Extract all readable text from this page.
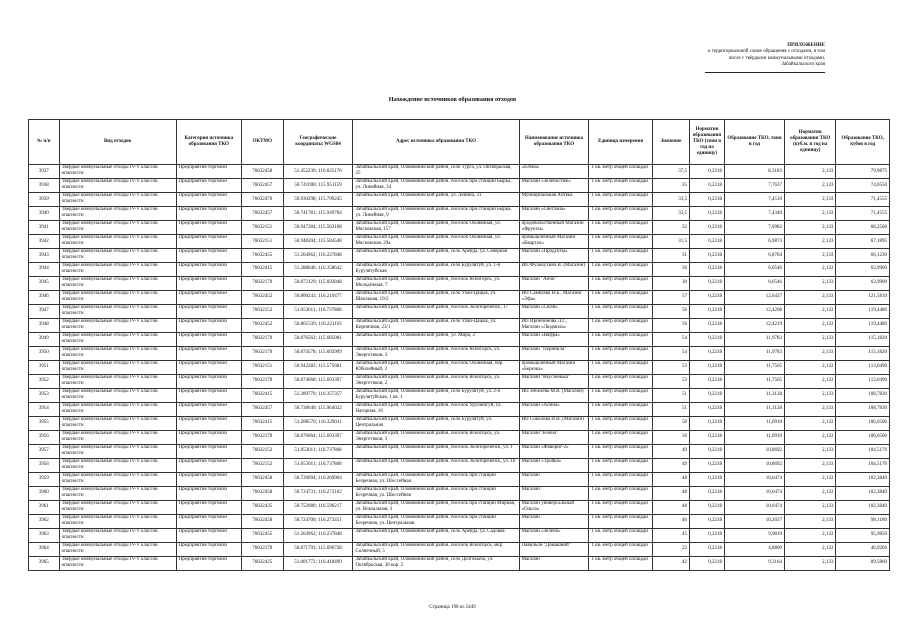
ПРИЛОЖЕНИЕ
к территориальной схеме обращения с отходами, в том
числе с твёрдыми коммунальными отходами,
Забайкальского края
Нахождение источников образования отходов
№ п/п	Вид отходов	Категория источника образования ТКО	ОКТМО	Географические координаты WGS84	Адрес источника образования ТКО	Наименование источника образования ТКО	Единица измерения	Значение	Норматив образования ТКО (тонн в год на единицу)	Образование ТКО, тонн в год	Норматив образования ТКО (куб.м. в год на единицу)	Образование ТКО, кубов в год
3937	Твёрдые коммунальные отходы IV-V классов опасности	Предприятия торговли	76632458	51.452230; 116.625176	Забайкальский край, Оловяннинский район, село Турга, ул. Октябрьская, 25	«Елена»	1 кв. метр общей площади	37,5	0,2218	8,3183	2,133	79,9875
3938	Твёрдые коммунальные отходы IV-V классов опасности	Предприятия торговли	76632457	50.741698; 115.951159	Забайкальский край, Оловяннинский район, поселок при станции Бырка, ул. Линейная, 24	Магазин «Зеленостяж»	1 кв. метр общей площади	35	0,2218	7,7637	2,133	74,6550
3939	Твёрдые коммунальные отходы IV-V классов опасности	Предприятия торговли	76632470	50.930298; 115.799245	Забайкальский край, Оловяннинский район, ул. Ленина, 31	Муниципальная Аптека	1 кв. метр общей площади	33,5	0,2218	7,4510	2,133	71,4555
3940	Твёрдые коммунальные отходы IV-V классов опасности	Предприятия торговли	76632457	50.741781; 115.949704	Забайкальский край, Оловяннинский район, поселок при станции Бырка, ул. Линейная, 9	Магазин «Светлана»	1 кв. метр общей площади	33,5	0,2218	7,4340	2,133	71,4555
3941	Твёрдые коммунальные отходы IV-V классов опасности	Предприятия торговли	76632151	50.947284; 115.563168	Забайкальский край, Оловяннинский район, поселок Оловянная, ул. Московская, 157	продовольственный Магазин «Фрукты»	1 кв. метр общей площади	32	0,2218	7,0982	2,133	68,2560
3942	Твёрдые коммунальные отходы IV-V классов опасности	Предприятия торговли	76632151	50.948204; 115.584548	Забайкальский край, Оловяннинский район, поселок Оловянная, ул. Московская, 29а	промышленный Магазин «Квартал»	1 кв. метр общей площади	31,5	0,2218	6,9873	2,133	67,1895
3943	Твёрдые коммунальные отходы IV-V классов опасности	Предприятия торговли	76632455	51.264962; 116.227848	Забайкальский край, Оловяннинский район, село Аренда, ул. Северная	Магазин «Продукты»	1 кв. метр общей площади	31	0,2218	6,8764	2,133	66,1230
3944	Твёрдые коммунальные отходы IV-V классов опасности	Предприятия торговли	76632415	51.288646; 116.358642	Забайкальский край, Оловяннинский район, село Бурулятуй, ул. 1-я Бурулятуйская	ИП Фульнухина В. (Магазин)	1 кв. метр общей площади	30	0,2218	6,6546	2,133	63,9900
3945	Твёрдые коммунальные отходы IV-V классов опасности	Предприятия торговли	76632170	50.873129; 115.692848	Забайкальский край, Оловяннинский район, поселок Ясногорск, ул. Молодёжная, 7	Магазин "Анчи"	1 кв. метр общей площади	30	0,2218	6,6546	2,133	63,9900
3946	Твёрдые коммунальные отходы IV-V классов опасности	Предприятия торговли	76632452	50.800243; 116.219477	Забайкальский край, Оловяннинский район, село Улан-Цацык, ул. Школьная, 19/2	ИП Самбуева Н.Б., Магазин «Эфа»	1 кв. метр общей площади	57	0,2218	12,6437	2,133	121,5810
3947	Твёрдые коммунальные отходы IV-V классов опасности	Предприятия торговли	76632152	51.053011; 116.737868	Забайкальский край, Оловяннинский район, поселок Золотореченск, 17	Магазин «Сюзи»	1 кв. метр общей площади	56	0,2218	12,4208	2,133	119,4480
3948	Твёрдые коммунальные отходы IV-V классов опасности	Предприятия торговли	76632452	50.861539; 116.221193	Забайкальский край, Оловяннинский район, село Улан-Цацык, ул. Кирпичная, 23/1	ИП Иринчинова Л.Г., Магазин «Людмила»	1 кв. метр общей площади	56	0,2218	12,4219	2,133	119,4480
3949	Твёрдые коммунальные отходы IV-V классов опасности	Предприятия торговли	76632170	50.876562; 115.685081	Забайкальский край, Оловяннинский район, ул. Мира, 2	Магазин «Нафра»	1 кв. метр общей площади	54	0,2218	11,9783	2,133	115,1820
3950	Твёрдые коммунальные отходы IV-V классов опасности	Предприятия торговли	76632170	50.874578; 115.692909	Забайкальский край, Оловяннинский район, поселок Ясногорск, ул. Энергетиков, 3	Магазин "Перинила"	1 кв. метр общей площади	54	0,2218	11,9783	2,133	115,1820
3951	Твёрдые коммунальные отходы IV-V классов опасности	Предприятия торговли	76632151	50.942282; 115.575681	Забайкальский край, Оловяннинский район, поселок Оловянная, пер. Юбилейный, 3	промышленный Магазин «Березка»	1 кв. метр общей площади	53	0,2218	11,7565	2,133	113,0490
3952	Твёрдые коммунальные отходы IV-V классов опасности	Предприятия торговли	76632170	50.874668; 115.693397	Забайкальский край, Оловяннинский район, поселок Ясногорск, ул. Энергетиков, 2	Магазин "Вкусненька"	1 кв. метр общей площади	53	0,2218	11,7565	2,133	113,0490
3953	Твёрдые коммунальные отходы IV-V классов опасности	Предприятия торговли	76632415	51.289770; 116.357357	Забайкальский край, Оловяннинский район, село Бурулятуй, ул. 2-я Бурулятуйская, 1 кв. 1	ИП Зибелева М.В. (Магазин)	1 кв. метр общей площади	51	0,2218	11,3128	2,133	108,7830
3954	Твёрдые коммунальные отходы IV-V классов опасности	Предприятия торговли	76632457	50.738040; 115.964022	Забайкальский край, Оловяннинский район, поселок Урулюнгуй, ул. Нагорная, 16	Магазин «Алина»	1 кв. метр общей площади	51	0,2218	11,3128	2,133	108,7830
3955	Твёрдые коммунальные отходы IV-V классов опасности	Предприятия торговли	76632415	51.288570; 116.329011	Забайкальский край, Оловяннинский район, село Бурулятуй, ул. Центральная	ИП Соколова И.Н. (Магазин)	1 кв. метр общей площади	50	0,2218	11,0910	2,133	106,6500
3956	Твёрдые коммунальные отходы IV-V классов опасности	Предприятия торговли	76632170	50.876664; 115.693397	Забайкальский край, Оловяннинский район, поселок Ясногорск, ул. Энергетиков, 3	Магазин"Зелёна"	1 кв. метр общей площади	50	0,2218	11,0910	2,133	106,6500
3957	Твёрдые коммунальные отходы IV-V классов опасности	Предприятия торговли	76632152	51.053011; 116.737868	Забайкальский край, Оловяннинский район, поселок Золотореченск, ул. 1	Магазин «Фаворит-2»	1 кв. метр общей площади	49	0,2218	10,8692	2,133	104,5170
3958	Твёрдые коммунальные отходы IV-V классов опасности	Предприятия торговли	76632152	51.053011; 116.737868	Забайкальский край, Оловяннинский район, поселок Золотореченск, ул. 16	Магазин «Тройка»	1 кв. метр общей площади	49	0,2218	10,8692	2,133	104,5170
3959	Твёрдые коммунальные отходы IV-V классов опасности	Предприятия торговли	76632458	50.726094; 116.269904	Забайкальский край, Оловяннинский район, поселок при станции Безречная, ул. Шоссейная	Магазин	1 кв. метр общей площади	48	0,2218	10,6474	2,133	102,3840
3960	Твёрдые коммунальные отходы IV-V классов опасности	Предприятия торговли	76632458	50.724731; 116.273162	Забайкальский край, Оловяннинский район, поселок при станции Безречная, ул. Шоссейная	Магазин	1 кв. метр общей площади	48	0,2218	10,6474	2,133	102,3840
3961	Твёрдые коммунальные отходы IV-V классов опасности	Предприятия торговли	76632435	50.752080; 116.596217	Забайкальский край, Оловяннинский район, поселок при станции Мирная, ул. Вокзальная, 3	Магазин универсальный «Ольга»	1 кв. метр общей площади	48	0,2218	10,6474	2,133	102,3840
3962	Твёрдые коммунальные отходы IV-V классов опасности	Предприятия торговли	76632458	50.724700; 116.273451	Забайкальский край, Оловяннинский район, поселок при станции Безречная, ул. Центральная	Магазин	1 кв. метр общей площади	46	0,2218	10,2037	2,133	98,1180
3963	Твёрдые коммунальные отходы IV-V классов опасности	Предприятия торговли	76632455	51.264962; 116.237848	Забайкальский край, Оловяннинский район, село Аренда, ул. Садовая	Магазин «Зелеик»	1 кв. метр общей площади	45	0,2218	9,9819	2,133	95,9850
3964	Твёрдые коммунальные отходы IV-V классов опасности	Предприятия торговли	76632170	50.871793; 115.696728	Забайкальский край, Оловяннинский район, поселок Ясногорск, мкр Солнечный, 5	Павильон "Домашний"	1 кв. метр общей площади	22	0,2218	4,8800	2,133	46,9260
3965	Твёрдые коммунальные отходы IV-V классов опасности	Предприятия торговли	76632425	51.001772; 116.418490	Забайкальский край, Оловяннинский район, село Долгокыча, ул. Октябрьская, 38 кор. 2	Магазин	1 кв. метр общей площади	42	0,2218	9,3164	2,133	89,5860
Страница 190 из 5449
